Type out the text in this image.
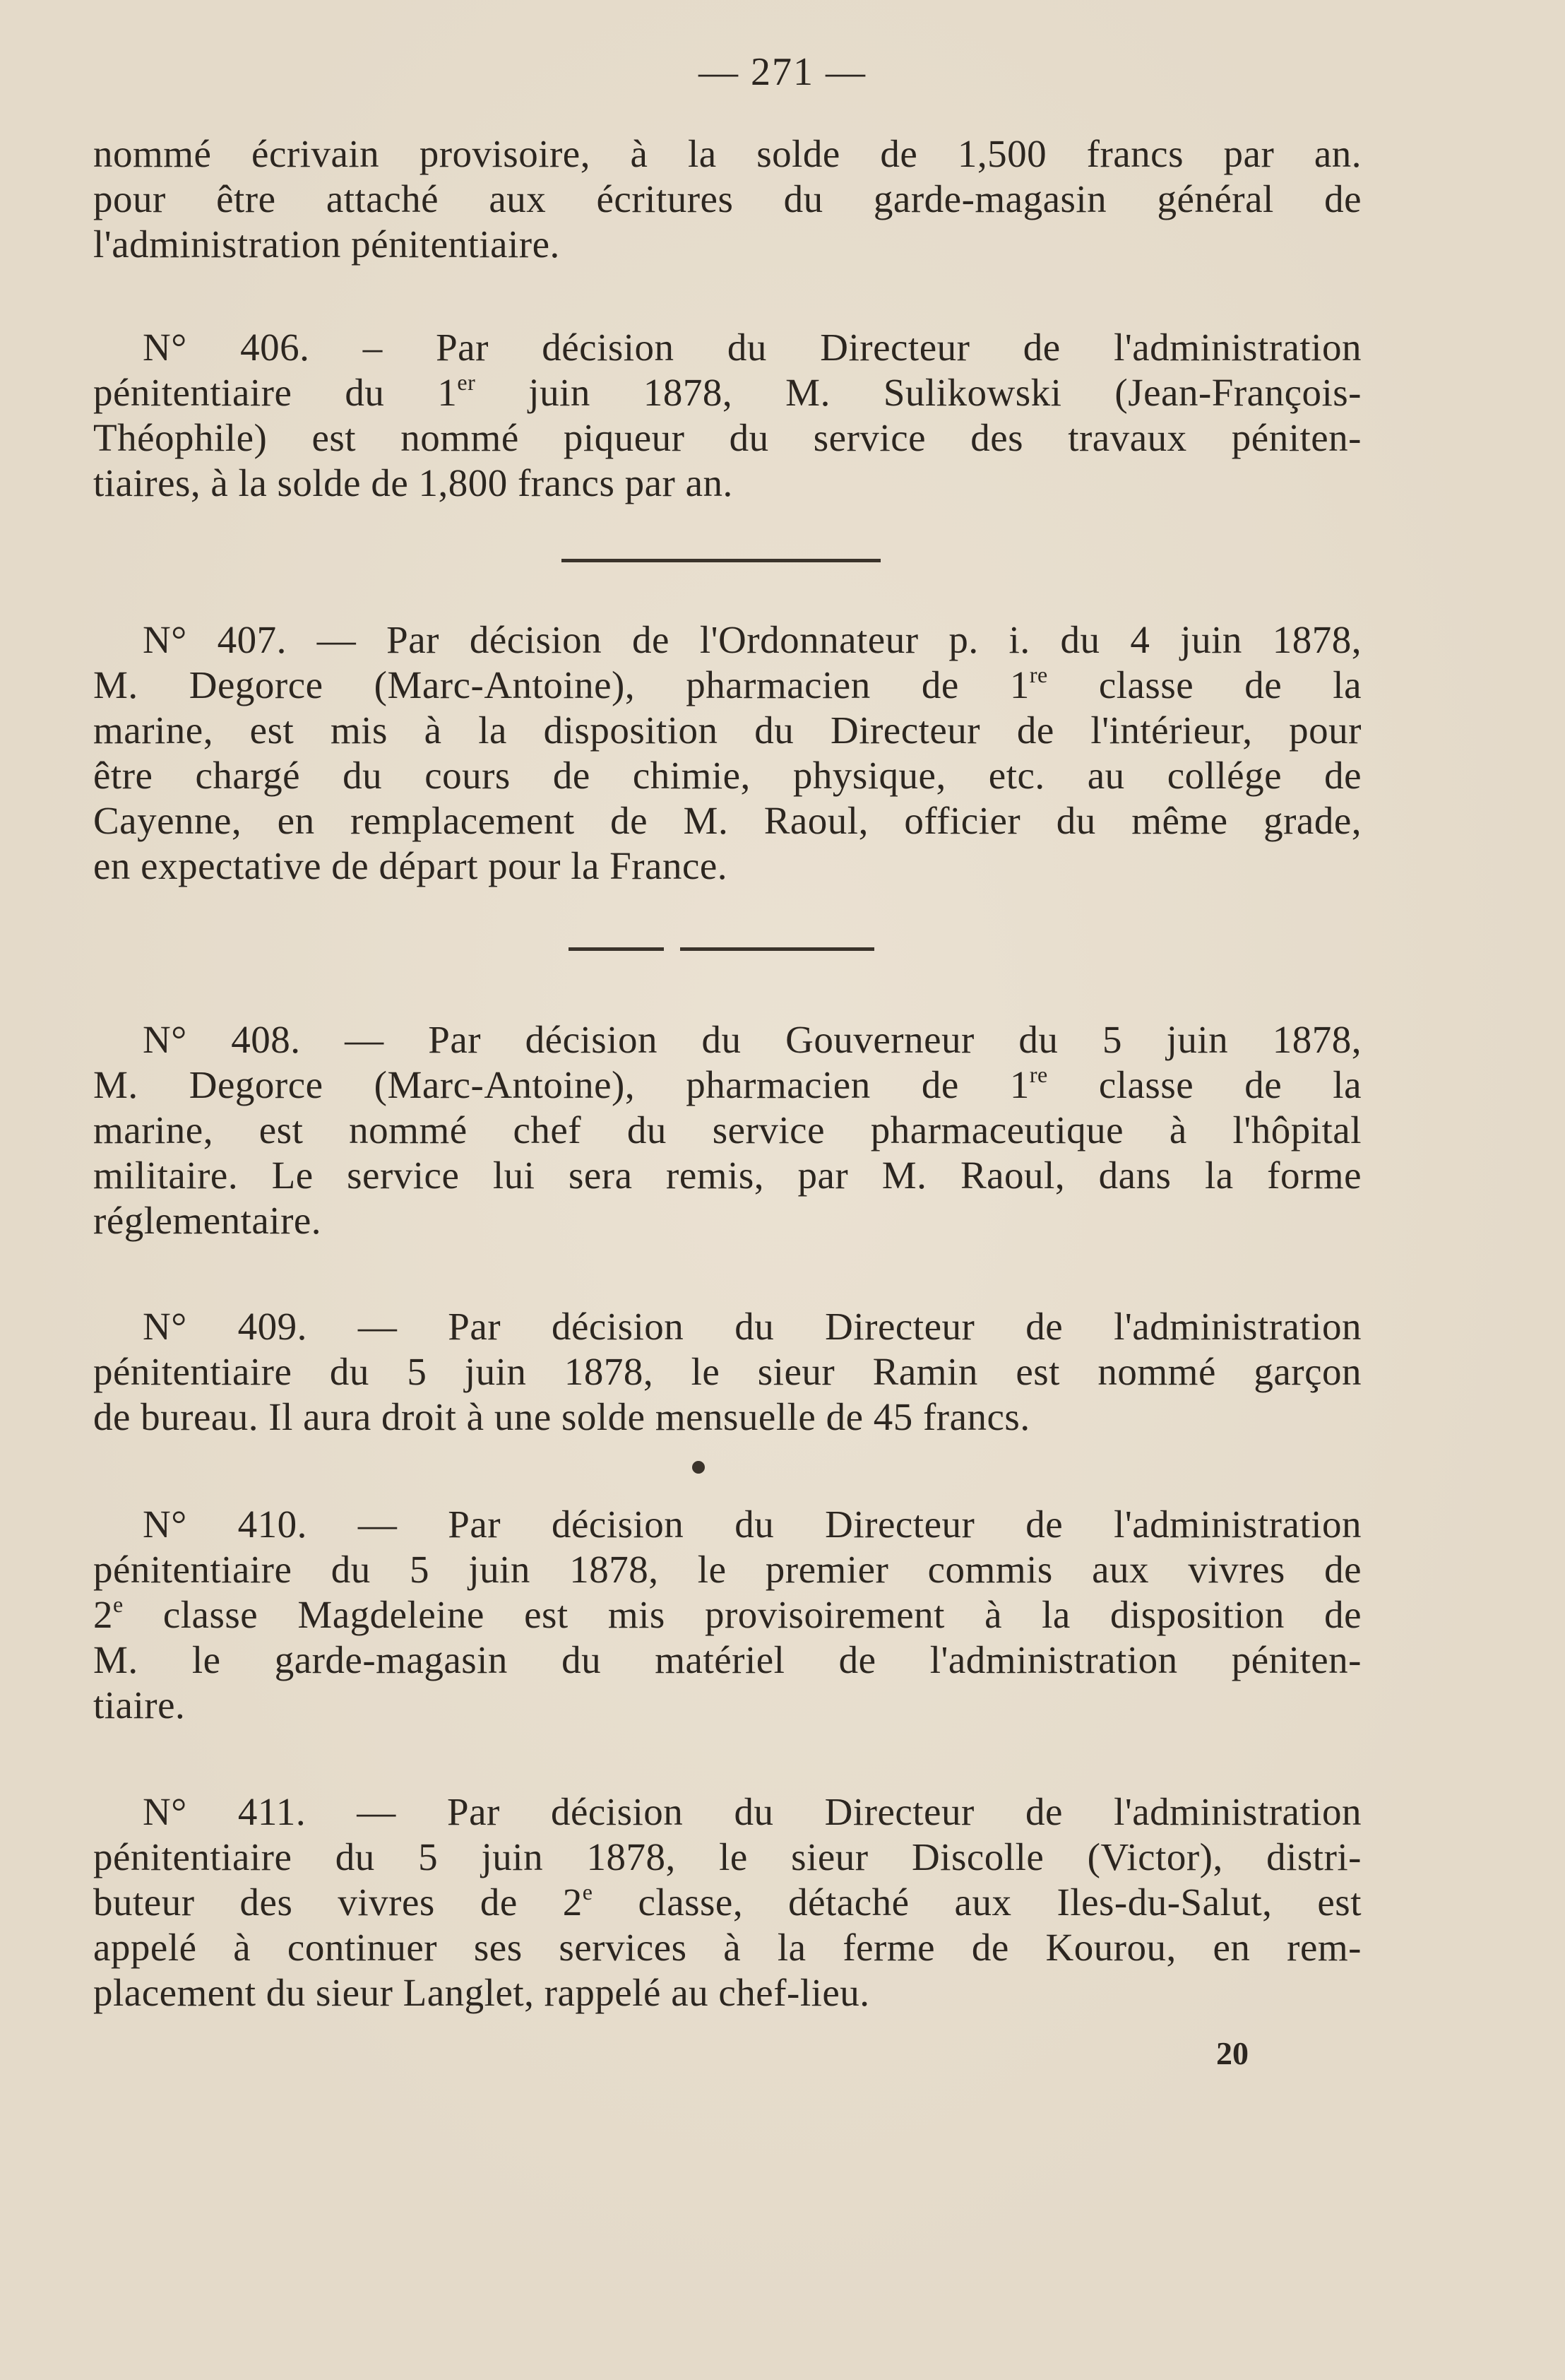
— 271 —
nommé écrivain provisoire, à la solde de 1,500 francs par an.
pour être attaché aux écritures du garde-magasin général de
l'administration pénitentiaire.
N° 406. – Par décision du Directeur de l'administration
pénitentiaire du 1er juin 1878, M. Sulikowski (Jean-François-
Théophile) est nommé piqueur du service des travaux péniten-
tiaires, à la solde de 1,800 francs par an.
N° 407. — Par décision de l'Ordonnateur p. i. du 4 juin 1878,
M. Degorce (Marc-Antoine), pharmacien de 1re classe de la
marine, est mis à la disposition du Directeur de l'intérieur, pour
être chargé du cours de chimie, physique, etc. au collége de
Cayenne, en remplacement de M. Raoul, officier du même grade,
en expectative de départ pour la France.
N° 408. — Par décision du Gouverneur du 5 juin 1878,
M. Degorce (Marc-Antoine), pharmacien de 1re classe de la
marine, est nommé chef du service pharmaceutique à l'hôpital
militaire. Le service lui sera remis, par M. Raoul, dans la forme
réglementaire.
N° 409. — Par décision du Directeur de l'administration
pénitentiaire du 5 juin 1878, le sieur Ramin est nommé garçon
de bureau. Il aura droit à une solde mensuelle de 45 francs.
N° 410. — Par décision du Directeur de l'administration
pénitentiaire du 5 juin 1878, le premier commis aux vivres de
2e classe Magdeleine est mis provisoirement à la disposition de
M. le garde-magasin du matériel de l'administration péniten-
tiaire.
N° 411. — Par décision du Directeur de l'administration
pénitentiaire du 5 juin 1878, le sieur Discolle (Victor), distri-
buteur des vivres de 2e classe, détaché aux Iles-du-Salut, est
appelé à continuer ses services à la ferme de Kourou, en rem-
placement du sieur Langlet, rappelé au chef-lieu.
20
